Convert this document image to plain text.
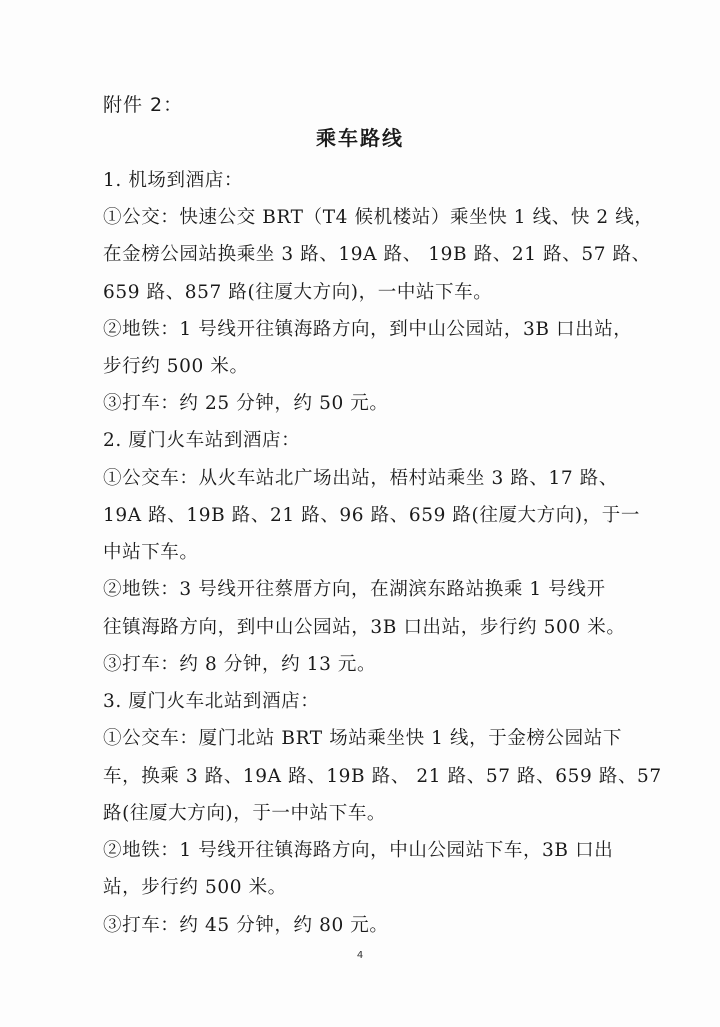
附件 2：
乘车路线
1. 机场到酒店：
①公交：快速公交 BRT（T4 候机楼站）乘坐快 1 线、快 2 线，
在金榜公园站换乘坐 3 路、19A 路、 19B 路、21 路、57 路、
659 路、857 路(往厦大方向)，一中站下车。
②地铁：1 号线开往镇海路方向，到中山公园站，3B 口出站，
步行约 500 米。
③打车：约 25 分钟，约 50 元。
2. 厦门火车站到酒店：
①公交车：从火车站北广场出站，梧村站乘坐 3 路、17 路、
19A 路、19B 路、21 路、96 路、659 路(往厦大方向)，于一
中站下车。
②地铁：3 号线开往蔡厝方向，在湖滨东路站换乘 1 号线开
往镇海路方向，到中山公园站，3B 口出站，步行约 500 米。
③打车：约 8 分钟，约 13 元。
3. 厦门火车北站到酒店：
①公交车：厦门北站 BRT 场站乘坐快 1 线，于金榜公园站下
车，换乘 3 路、19A 路、19B 路、 21 路、57 路、659 路、57
路(往厦大方向)，于一中站下车。
②地铁：1 号线开往镇海路方向，中山公园站下车，3B 口出
站，步行约 500 米。
③打车：约 45 分钟，约 80 元。
4
